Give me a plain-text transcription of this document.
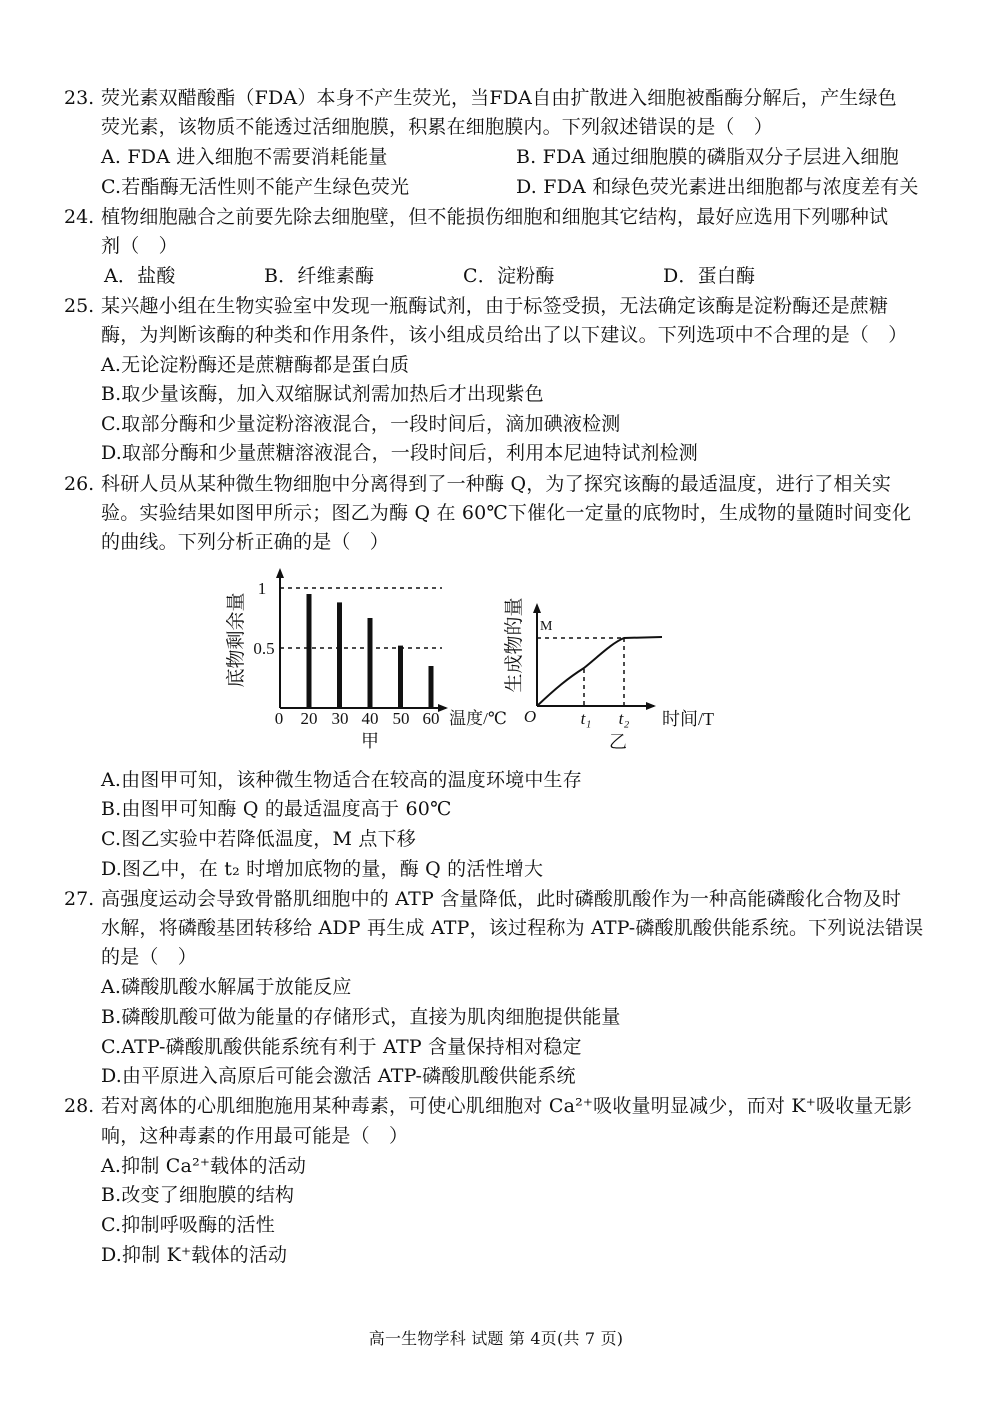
23. 荧光素双醋酸酯（FDA）本身不产生荧光，当FDA自由扩散进入细胞被酯酶分解后，产生绿色
荧光素，该物质不能透过活细胞膜，积累在细胞膜内。下列叙述错误的是（　）
A. FDA 进入细胞不需要消耗能量	B. FDA 通过细胞膜的磷脂双分子层进入细胞
C.若酯酶无活性则不能产生绿色荧光	D. FDA 和绿色荧光素进出细胞都与浓度差有关
24. 植物细胞融合之前要先除去细胞壁，但不能损伤细胞和细胞其它结构，最好应选用下列哪种试
剂（　）
A．盐酸	B．纤维素酶	C．淀粉酶	D．蛋白酶
25. 某兴趣小组在生物实验室中发现一瓶酶试剂，由于标签受损，无法确定该酶是淀粉酶还是蔗糖
酶，为判断该酶的种类和作用条件，该小组成员给出了以下建议。下列选项中不合理的是（　）
A.无论淀粉酶还是蔗糖酶都是蛋白质
B.取少量该酶，加入双缩脲试剂需加热后才出现紫色
C.取部分酶和少量淀粉溶液混合，一段时间后，滴加碘液检测
D.取部分酶和少量蔗糖溶液混合，一段时间后，利用本尼迪特试剂检测
26. 科研人员从某种微生物细胞中分离得到了一种酶 Q，为了探究该酶的最适温度，进行了相关实
验。实验结果如图甲所示；图乙为酶 Q 在 60℃下催化一定量的底物时，生成物的量随时间变化
的曲线。下列分析正确的是（　）
1
0.5
底物剩余量
0 20 30 40 50 60 温度/℃
甲
M
O	t₁ t₂ 时间/T
生成物的量
乙
A.由图甲可知，该种微生物适合在较高的温度环境中生存
B.由图甲可知酶 Q 的最适温度高于 60℃
C.图乙实验中若降低温度，M 点下移
D.图乙中，在 t₂ 时增加底物的量，酶 Q 的活性增大
27. 高强度运动会导致骨骼肌细胞中的 ATP 含量降低，此时磷酸肌酸作为一种高能磷酸化合物及时
水解，将磷酸基团转移给 ADP 再生成 ATP，该过程称为 ATP-磷酸肌酸供能系统。下列说法错误
的是（　）
A.磷酸肌酸水解属于放能反应
B.磷酸肌酸可做为能量的存储形式，直接为肌肉细胞提供能量
C.ATP-磷酸肌酸供能系统有利于 ATP 含量保持相对稳定
D.由平原进入高原后可能会激活 ATP-磷酸肌酸供能系统
28. 若对离体的心肌细胞施用某种毒素，可使心肌细胞对 Ca²⁺吸收量明显减少，而对 K⁺吸收量无影
响，这种毒素的作用最可能是（　）
A.抑制 Ca²⁺载体的活动
B.改变了细胞膜的结构
C.抑制呼吸酶的活性
D.抑制 K⁺载体的活动
高一生物学科 试题 第 4页(共 7 页)
